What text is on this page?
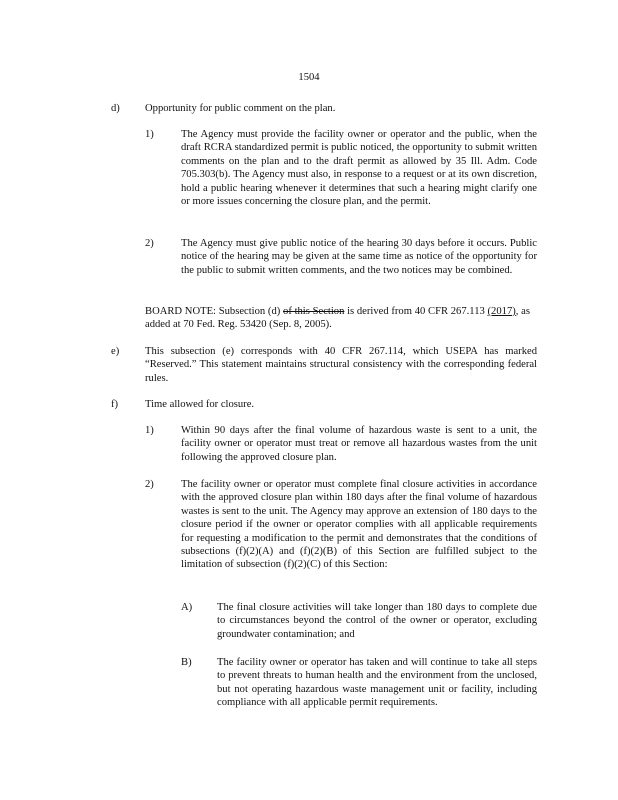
1504
d) Opportunity for public comment on the plan.
1)	The Agency must provide the facility owner or operator and the public, when the draft RCRA standardized permit is public noticed, the opportunity to submit written comments on the plan and to the draft permit as allowed by 35 Ill. Adm. Code 705.303(b). The Agency must also, in response to a request or at its own discretion, hold a public hearing whenever it determines that such a hearing might clarify one or more issues concerning the closure plan, and the permit.
2)	The Agency must give public notice of the hearing 30 days before it occurs. Public notice of the hearing may be given at the same time as notice of the opportunity for the public to submit written comments, and the two notices may be combined.
BOARD NOTE: Subsection (d) of this Section is derived from 40 CFR 267.113 (2017), as added at 70 Fed. Reg. 53420 (Sep. 8, 2005).
e) This subsection (e) corresponds with 40 CFR 267.114, which USEPA has marked “Reserved.” This statement maintains structural consistency with the corresponding federal rules.
f)	Time allowed for closure.
1)	Within 90 days after the final volume of hazardous waste is sent to a unit, the facility owner or operator must treat or remove all hazardous wastes from the unit following the approved closure plan.
2)	The facility owner or operator must complete final closure activities in accordance with the approved closure plan within 180 days after the final volume of hazardous wastes is sent to the unit. The Agency may approve an extension of 180 days to the closure period if the owner or operator complies with all applicable requirements for requesting a modification to the permit and demonstrates that the conditions of subsections (f)(2)(A) and (f)(2)(B) of this Section are fulfilled subject to the limitation of subsection (f)(2)(C) of this Section:
A) The final closure activities will take longer than 180 days to complete due to circumstances beyond the control of the owner or operator, excluding groundwater contamination; and
B) The facility owner or operator has taken and will continue to take all steps to prevent threats to human health and the environment from the unclosed, but not operating hazardous waste management unit or facility, including compliance with all applicable permit requirements.
